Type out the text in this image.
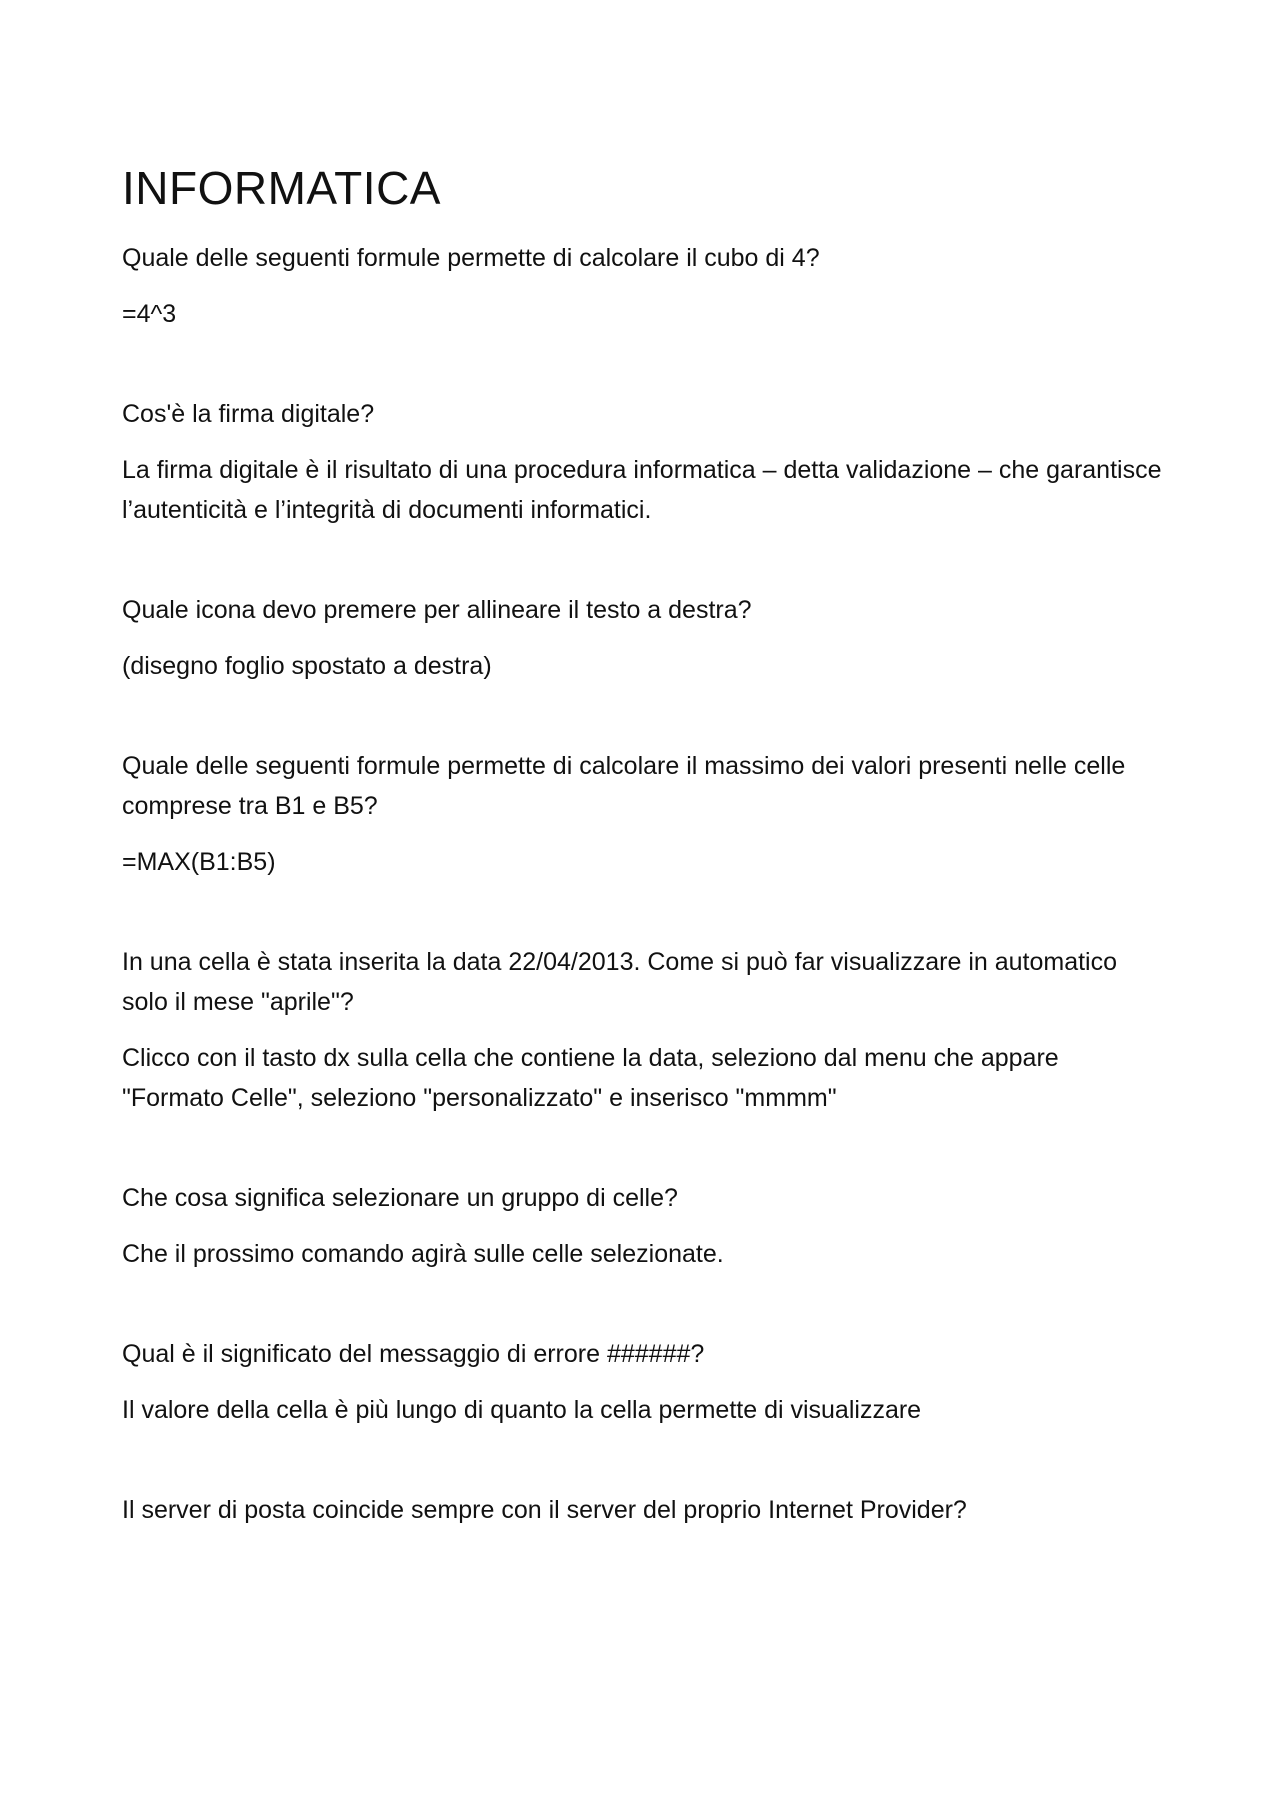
INFORMATICA

Quale delle seguenti formule permette di calcolare il cubo di 4?

=4^3

Cos'è la firma digitale?

La firma digitale è il risultato di una procedura informatica – detta validazione – che garantisce l’autenticità e l’integrità di documenti informatici.

Quale icona devo premere per allineare il testo a destra?

(disegno foglio spostato a destra)

Quale delle seguenti formule permette di calcolare il massimo dei valori presenti nelle celle comprese tra B1 e B5?

=MAX(B1:B5)

In una cella è stata inserita la data 22/04/2013. Come si può far visualizzare in automatico solo il mese "aprile"?

Clicco con il tasto dx sulla cella che contiene la data, seleziono dal menu che appare "Formato Celle", seleziono "personalizzato" e inserisco "mmmm"

Che cosa significa selezionare un gruppo di celle?

Che il prossimo comando agirà sulle celle selezionate.

Qual è il significato del messaggio di errore ######?

Il valore della cella è più lungo di quanto la cella permette di visualizzare

Il server di posta coincide sempre con il server del proprio Internet Provider?
